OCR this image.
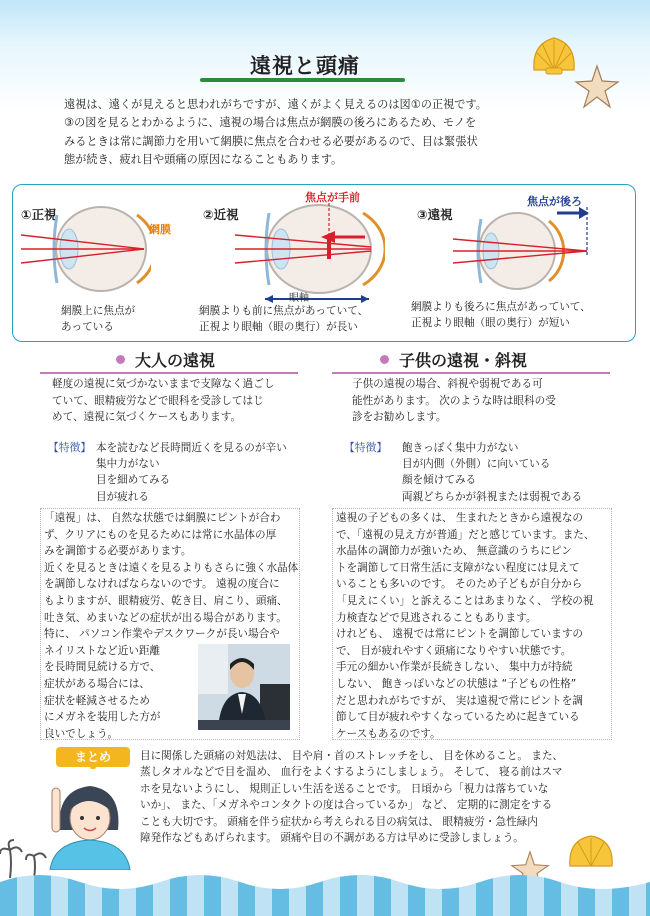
遠視と頭痛

遠視は、遠くが見えると思われがちですが、遠くがよく見えるのは図①の正視です。

③の図を見るとわかるように、遠視の場合は焦点が網膜の後ろにあるため、モノを

みるときは常に調節力を用いて網膜に焦点を合わせる必要があるので、目は緊張状

態が続き、疲れ目や頭痛の原因になることもあります。

①正視	②近視	③遠視
網膜
焦点が手前
眼軸
焦点が後ろ
網膜上に焦点が
あっている
網膜よりも前に焦点があっていて、
正視より眼軸（眼の奥行）が長い
網膜よりも後ろに焦点があっていて、
正視より眼軸（眼の奥行）が短い
大人の遠視	子供の遠視・斜視

軽度の遠視に気づかないままで支障なく過ごし

ていて、眼精疲労などで眼科を受診してはじ

めて、遠視に気づくケースもあります。

【特徴】 本を読むなど長時間近くを見るのが辛い
集中力がない
目を細めてみる
目が疲れる

子供の遠視の場合、斜視や弱視である可

能性があります。 次のような時は眼科の受

診をお勧めします。

【特徴】 飽きっぽく集中力がない
目が内側（外側）に向いている
顔を傾けてみる
両親どちらかが斜視または弱視である

「遠視」は、 自然な状態では網膜にピントが合わ

ず、クリアにものを見るためには常に水晶体の厚

みを調節する必要があります。

近くを見るときは遠くを見るよりもさらに強く水晶体

を調節しなければならないのです。 遠視の度合に

もよりますが、眼精疲労、乾き目、肩こり、頭痛、

吐き気、めまいなどの症状が出る場合があります。

特に、 パソコン作業やデスクワークが長い場合や

ネイリストなど近い距離

を長時間見続ける方で、

症状がある場合には、

症状を軽減させるため

にメガネを装用した方が

良いでしょう。

遠視の子どもの多くは、 生まれたときから遠視なの

で、「遠視の見え方が普通」だと感じています。また、

水晶体の調節力が強いため、 無意識のうちにピン

トを調節して日常生活に支障がない程度には見えて

いることも多いのです。 そのため子どもが自分から

「見えにくい」と訴えることはあまりなく、 学校の視

力検査などで見逃されることもあります。

けれども、 遠視では常にピントを調節していますの

で、 目が疲れやすく頭痛になりやすい状態です。

手元の細かい作業が長続きしない、 集中力が持続

しない、 飽きっぽいなどの状態は “子どもの性格”

だと思われがちですが、 実は遠視で常にピントを調

節して目が疲れやすくなっているために起きている

ケースもあるのです。

まとめ	目に関係した頭痛の対処法は、 目や肩・首のストレッチをし、 目を休めること。 また、

蒸しタオルなどで目を温め、 血行をよくするようにしましょう。 そして、 寝る前はスマ

ホを見ないようにし、 規則正しい生活を送ることです。 日頃から「視力は落ちていな

いか」、 また、「メガネやコンタクトの度は合っているか」 など、 定期的に測定をする

ことも大切です。 頭痛を伴う症状から考えられる目の病気は、 眼精疲労・急性緑内

障発作などもあげられます。 頭痛や目の不調がある方は早めに受診しましょう。
